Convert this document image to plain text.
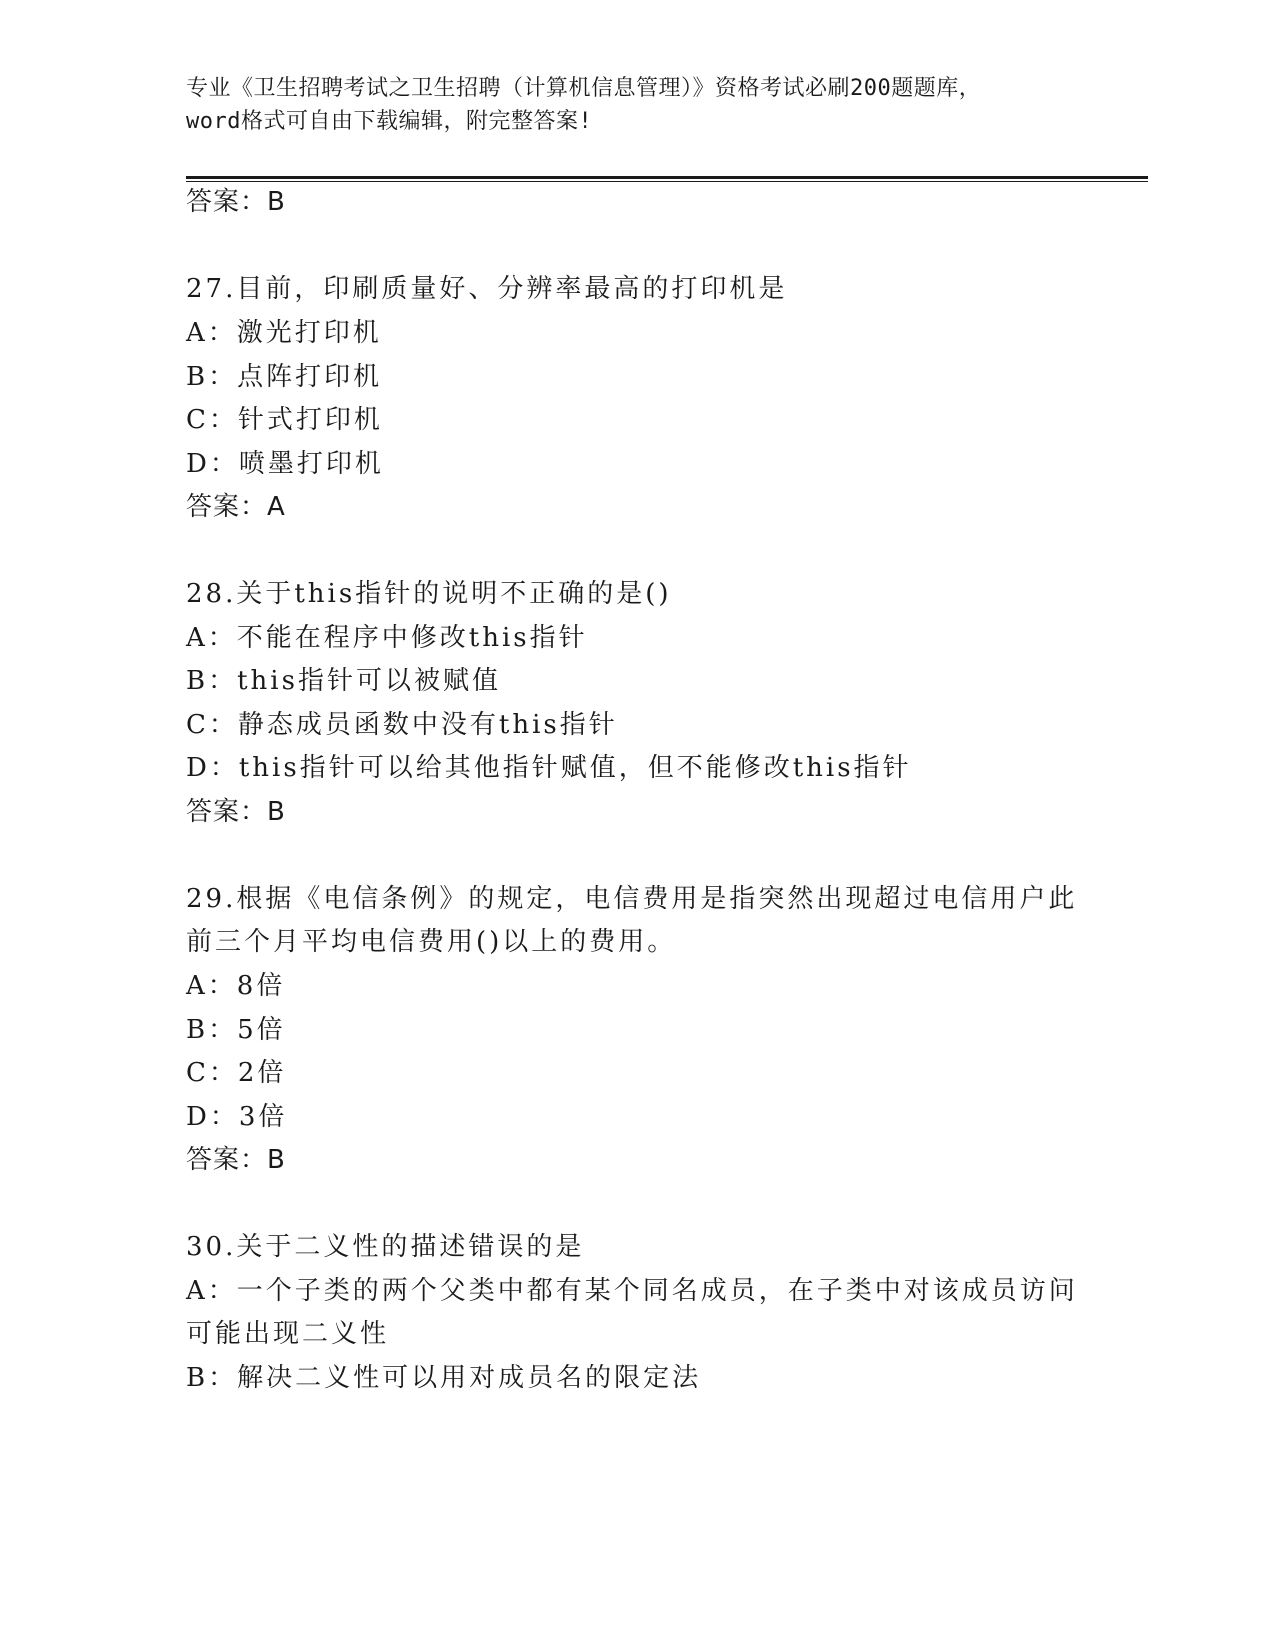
专业《卫生招聘考试之卫生招聘（计算机信息管理）》资格考试必刷200题题库，
word格式可自由下载编辑，附完整答案!
答案：B
27.目前，印刷质量好、分辨率最高的打印机是
A：激光打印机
B：点阵打印机
C：针式打印机
D：喷墨打印机
答案：A
28.关于this指针的说明不正确的是()
A：不能在程序中修改this指针
B：this指针可以被赋值
C：静态成员函数中没有this指针
D：this指针可以给其他指针赋值，但不能修改this指针
答案：B
29.根据《电信条例》的规定，电信费用是指突然出现超过电信用户此
前三个月平均电信费用()以上的费用。
A：8倍
B：5倍
C：2倍
D：3倍
答案：B
30.关于二义性的描述错误的是
A：一个子类的两个父类中都有某个同名成员，在子类中对该成员访问
可能出现二义性
B：解决二义性可以用对成员名的限定法
